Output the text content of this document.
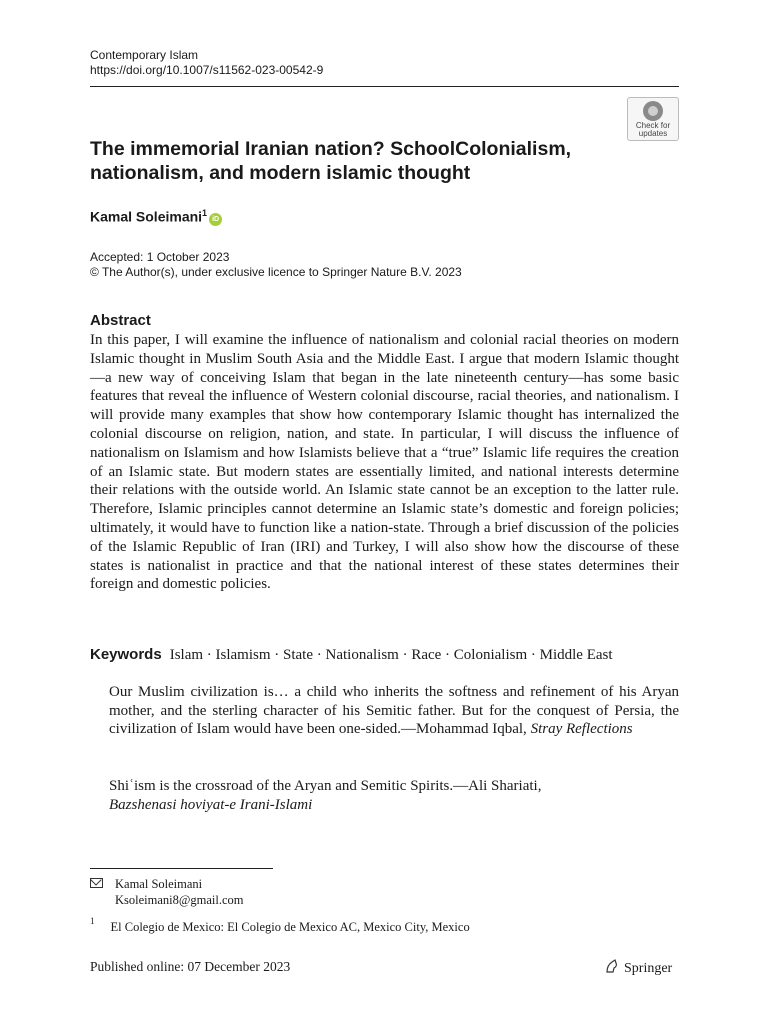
Contemporary Islam
https://doi.org/10.1007/s11562-023-00542-9
Check for
updates
The immemorial Iranian nation? SchoolColonialism, nationalism, and modern islamic thought
Kamal Soleimani$^1$iD
Accepted: 1 October 2023
© The Author(s), under exclusive licence to Springer Nature B.V. 2023
Abstract

In this paper, I will examine the influence of nationalism and colonial racial theories on modern Islamic thought in Muslim South Asia and the Middle East. I argue that modern Islamic thought —a new way of conceiving Islam that began in the late nineteenth century—has some basic features that reveal the influence of Western colonial discourse, racial theories, and nationalism. I will provide many examples that show how contemporary Islamic thought has internalized the colonial discourse on religion, nation, and state. In particular, I will discuss the influence of nationalism on Islamism and how Islamists believe that a “true” Islamic life requires the creation of an Islamic state. But modern states are essentially limited, and national interests determine their relations with the outside world. An Islamic state cannot be an exception to the latter rule. Therefore, Islamic principles cannot determine an Islamic state’s domestic and foreign policies; ultimately, it would have to function like a nation-state. Through a brief discussion of the policies of the Islamic Republic of Iran (IRI) and Turkey, I will also show how the discourse of these states is nationalist in practice and that the national interest of these states determines their foreign and domestic policies.

Keywords Islam · Islamism · State · Nationalism · Race · Colonialism · Middle East

Our Muslim civilization is… a child who inherits the softness and refinement of his Aryan mother, and the sterling character of his Semitic father. But for the conquest of Persia, the civilization of Islam would have been one-sided.—Mohammad Iqbal, Stray Reflections

Shiʿism is the crossroad of the Aryan and Semitic Spirits.—Ali Shariati,
Bazshenasi hoviyat-e Irani-Islami

Kamal Soleimani
Ksoleimani8@gmail.com
$^1$ El Colegio de Mexico: El Colegio de Mexico AC, Mexico City, Mexico
Published online: 07 December 2023	Springer
